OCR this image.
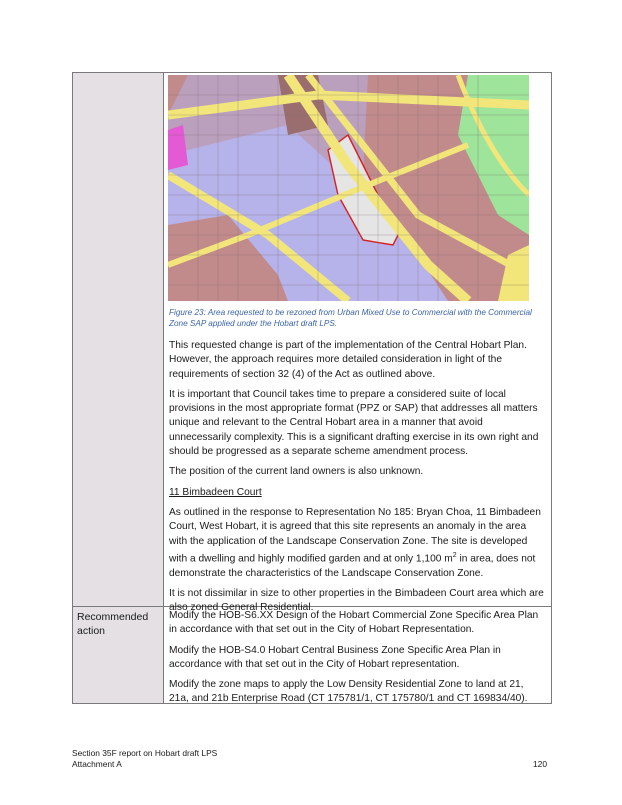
Recommended action
Figure 23: Area requested to be rezoned from Urban Mixed Use to Commercial with the Commercial Zone SAP applied under the Hobart draft LPS.

This requested change is part of the implementation of the Central Hobart Plan. However, the approach requires more detailed consideration in light of the requirements of section 32 (4) of the Act as outlined above.

It is important that Council takes time to prepare a considered suite of local provisions in the most appropriate format (PPZ or SAP) that addresses all matters unique and relevant to the Central Hobart area in a manner that avoid unnecessarily complexity. This is a significant drafting exercise in its own right and should be progressed as a separate scheme amendment process.

The position of the current land owners is also unknown.

11 Bimbadeen Court

As outlined in the response to Representation No 185: Bryan Choa, 11 Bimbadeen Court, West Hobart, it is agreed that this site represents an anomaly in the area with the application of the Landscape Conservation Zone. The site is developed with a dwelling and highly modified garden and at only 1,100 $m^2$ in area, does not demonstrate the characteristics of the Landscape Conservation Zone.

It is not dissimilar in size to other properties in the Bimbadeen Court area which are also zoned General Residential.

Modify the HOB-S6.XX Design of the Hobart Commercial Zone Specific Area Plan in accordance with that set out in the City of Hobart Representation.

Modify the HOB-S4.0 Hobart Central Business Zone Specific Area Plan in accordance with that set out in the City of Hobart representation.

Modify the zone maps to apply the Low Density Residential Zone to land at 21, 21a, and 21b Enterprise Road (CT 175781/1, CT 175780/1 and CT 169834/40).

Section 35F report on Hobart draft LPS
Attachment A	120
